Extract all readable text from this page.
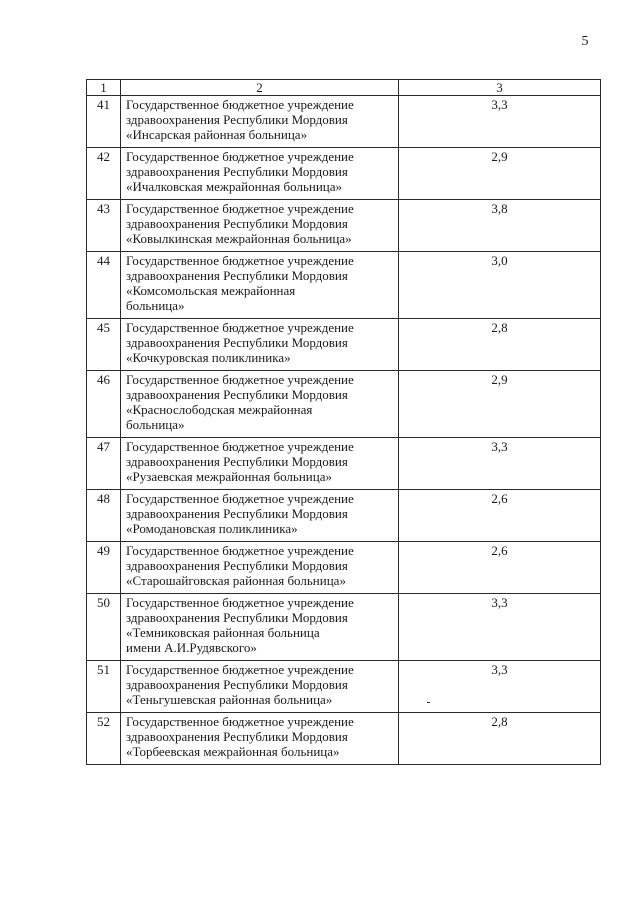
5
1	2	3
41	Государственное бюджетное учреждение
здравоохранения Республики Мордовия
«Инсарская районная больница»	3,3
42	Государственное бюджетное учреждение
здравоохранения Республики Мордовия
«Ичалковская межрайонная больница»	2,9
43	Государственное бюджетное учреждение
здравоохранения Республики Мордовия
«Ковылкинская межрайонная больница»	3,8
44	Государственное бюджетное учреждение
здравоохранения Республики Мордовия
«Комсомольская межрайонная
больница»	3,0
45	Государственное бюджетное учреждение
здравоохранения Республики Мордовия
«Кочкуровская поликлиника»	2,8
46	Государственное бюджетное учреждение
здравоохранения Республики Мордовия
«Краснослободская межрайонная
больница»	2,9
47	Государственное бюджетное учреждение
здравоохранения Республики Мордовия
«Рузаевская межрайонная больница»	3,3
48	Государственное бюджетное учреждение
здравоохранения Республики Мордовия
«Ромодановская поликлиника»	2,6
49	Государственное бюджетное учреждение
здравоохранения Республики Мордовия
«Старошайговская районная больница»	2,6
50	Государственное бюджетное учреждение
здравоохранения Республики Мордовия
«Темниковская районная больница
имени А.И.Рудявского»	3,3
51	Государственное бюджетное учреждение
здравоохранения Республики Мордовия
«Теньгушевская районная больница»	3,3
52	Государственное бюджетное учреждение
здравоохранения Республики Мордовия
«Торбеевская межрайонная больница»	2,8
